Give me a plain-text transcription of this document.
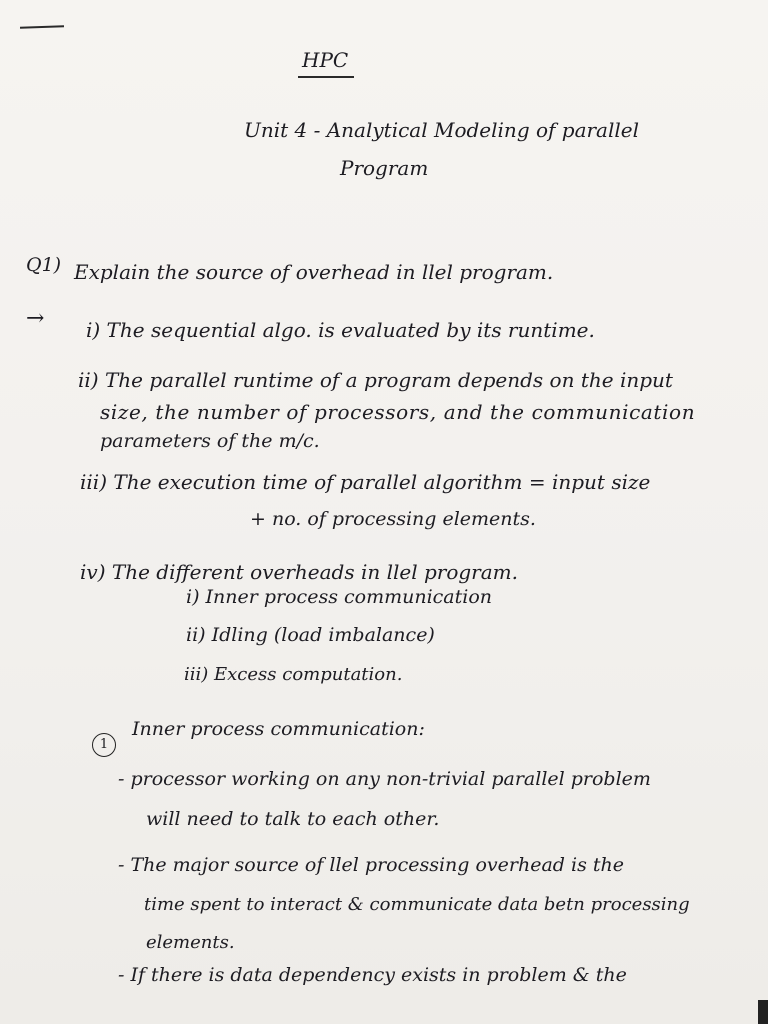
HPC
Unit 4 - Analytical Modeling of parallel
Program
Q1) Explain the source of overhead in llel program.
→ i) The sequential algo. is evaluated by its runtime.
ii) The parallel runtime of a program depends on the input
size, the number of processors, and the communication
parameters of the m/c.
iii) The execution time of parallel algorithm = input size
+ no. of processing elements.
iv) The different overheads in llel program.
i) Inner process communication
ii) Idling (load imbalance)
iii) Excess computation.
1
Inner process communication:
- processor working on any non-trivial parallel problem
will need to talk to each other.
- The major source of llel processing overhead is the
time spent to interact & communicate data betn processing
elements.
- If there is data dependency exists in problem & the
